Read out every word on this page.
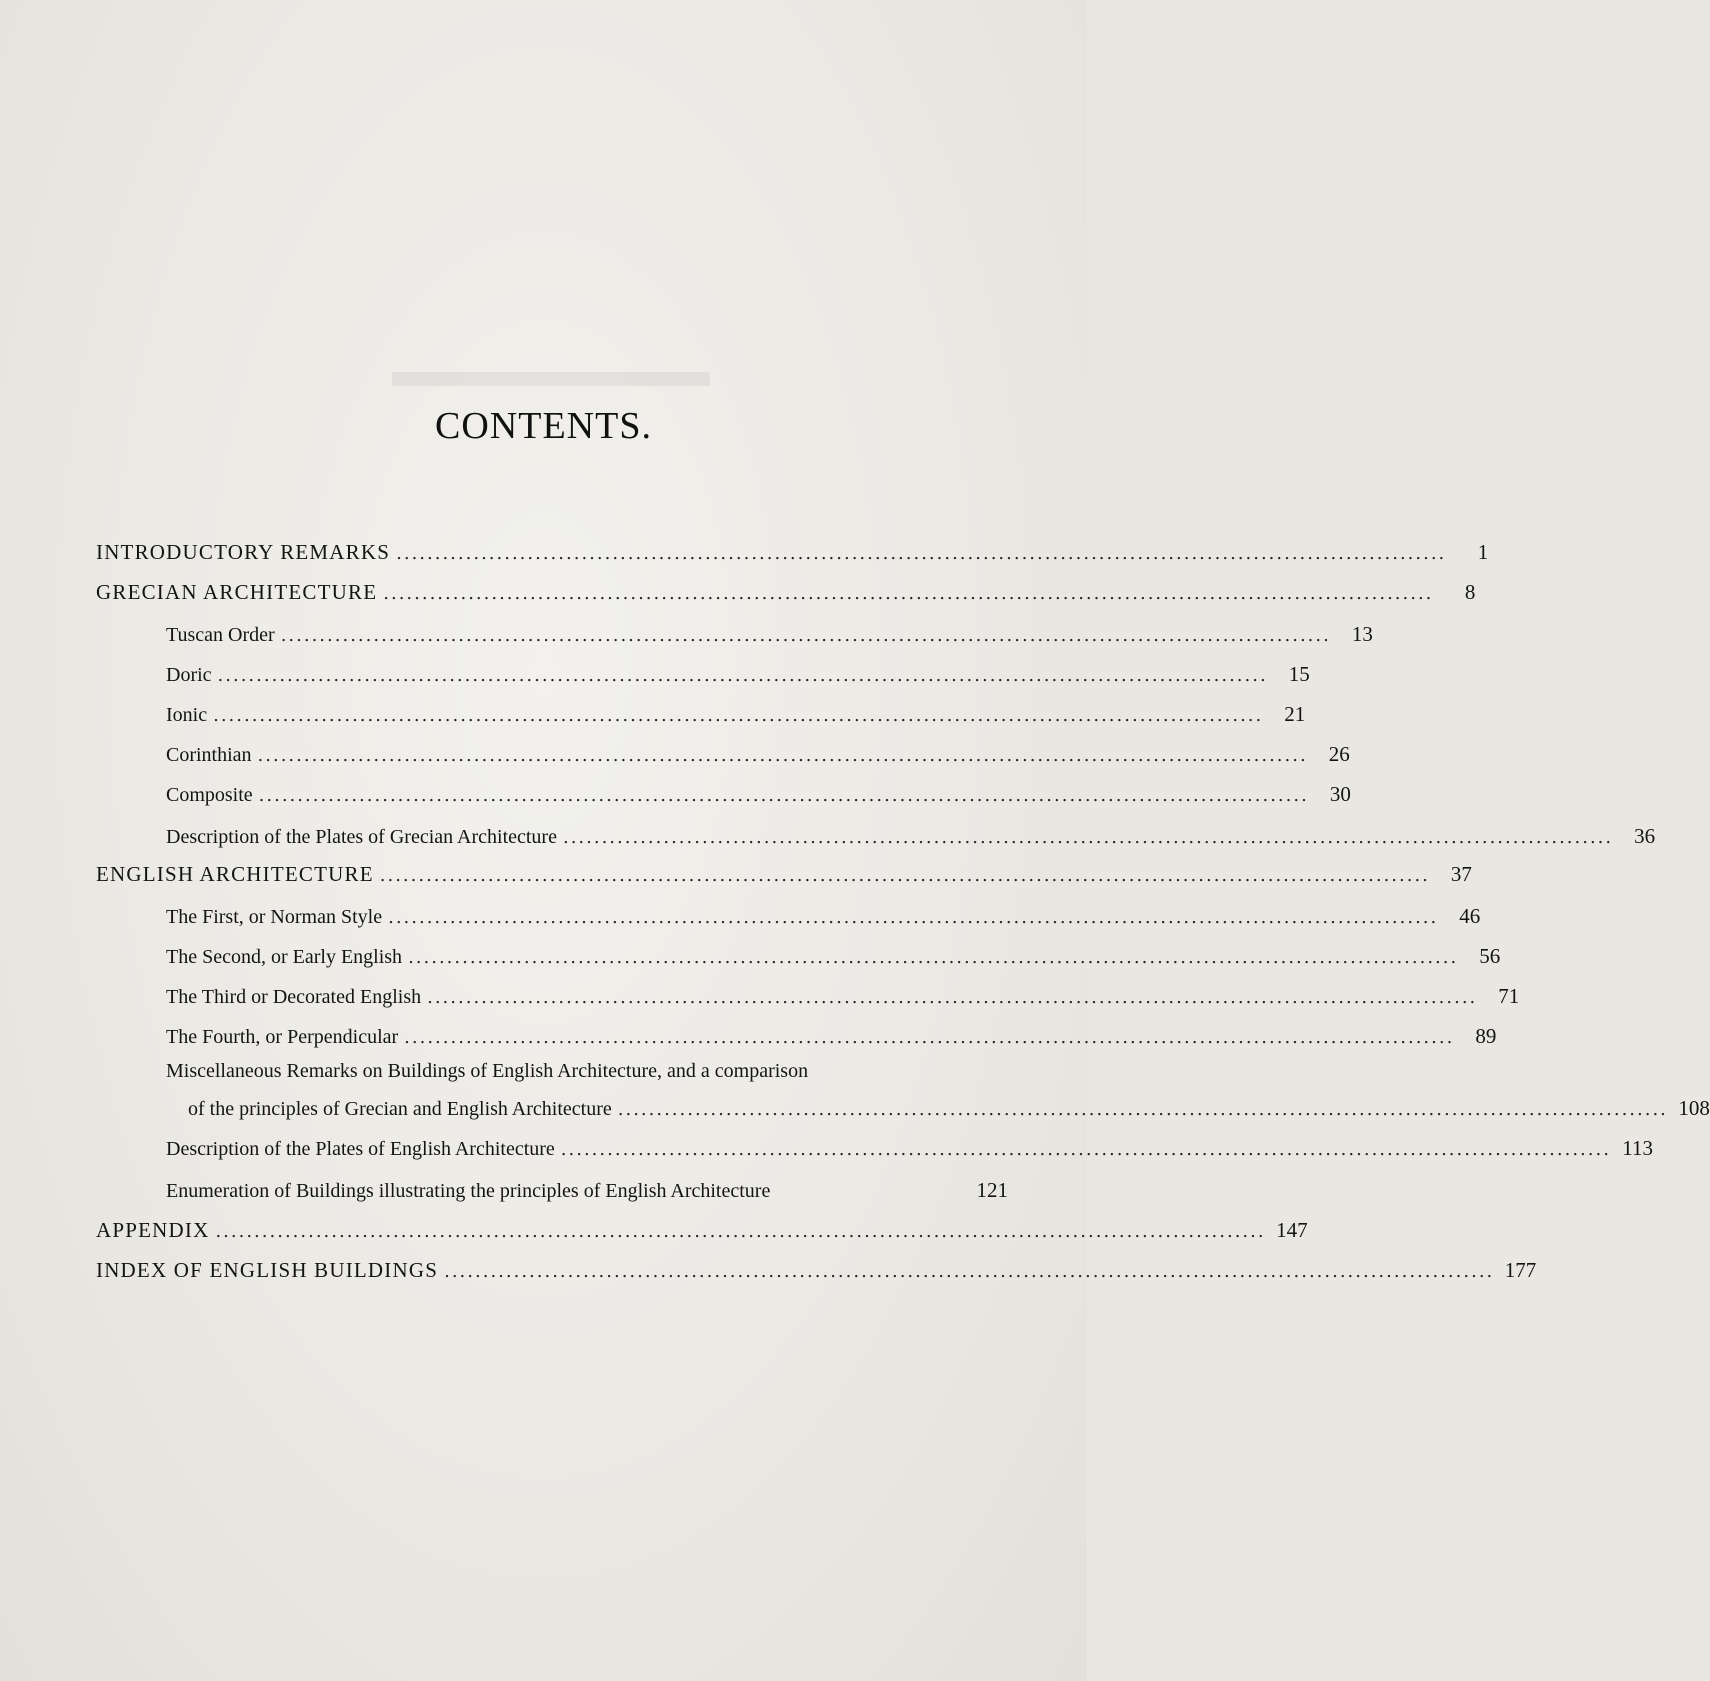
CONTENTS.
INTRODUCTORY REMARKS ........................................................................................................................................	1
GRECIAN ARCHITECTURE ........................................................................................................................................	8
Tuscan Order ........................................................................................................................................	13
Doric ........................................................................................................................................	15
Ionic ........................................................................................................................................	21
Corinthian ........................................................................................................................................	26
Composite ........................................................................................................................................	30
Description of the Plates of Grecian Architecture ........................................................................................................................................	36
ENGLISH ARCHITECTURE ........................................................................................................................................	37
The First, or Norman Style ........................................................................................................................................	46
The Second, or Early English ........................................................................................................................................	56
The Third or Decorated English ........................................................................................................................................	71
The Fourth, or Perpendicular ........................................................................................................................................	89
Miscellaneous Remarks on Buildings of English Architecture, and a comparison
of the principles of Grecian and English Architecture ........................................................................................................................................ 108
Description of the Plates of English Architecture ........................................................................................................................................ 113
Enumeration of Buildings illustrating the principles of English Architecture	121
APPENDIX ........................................................................................................................................ 147
INDEX OF ENGLISH BUILDINGS ........................................................................................................................................ 177
